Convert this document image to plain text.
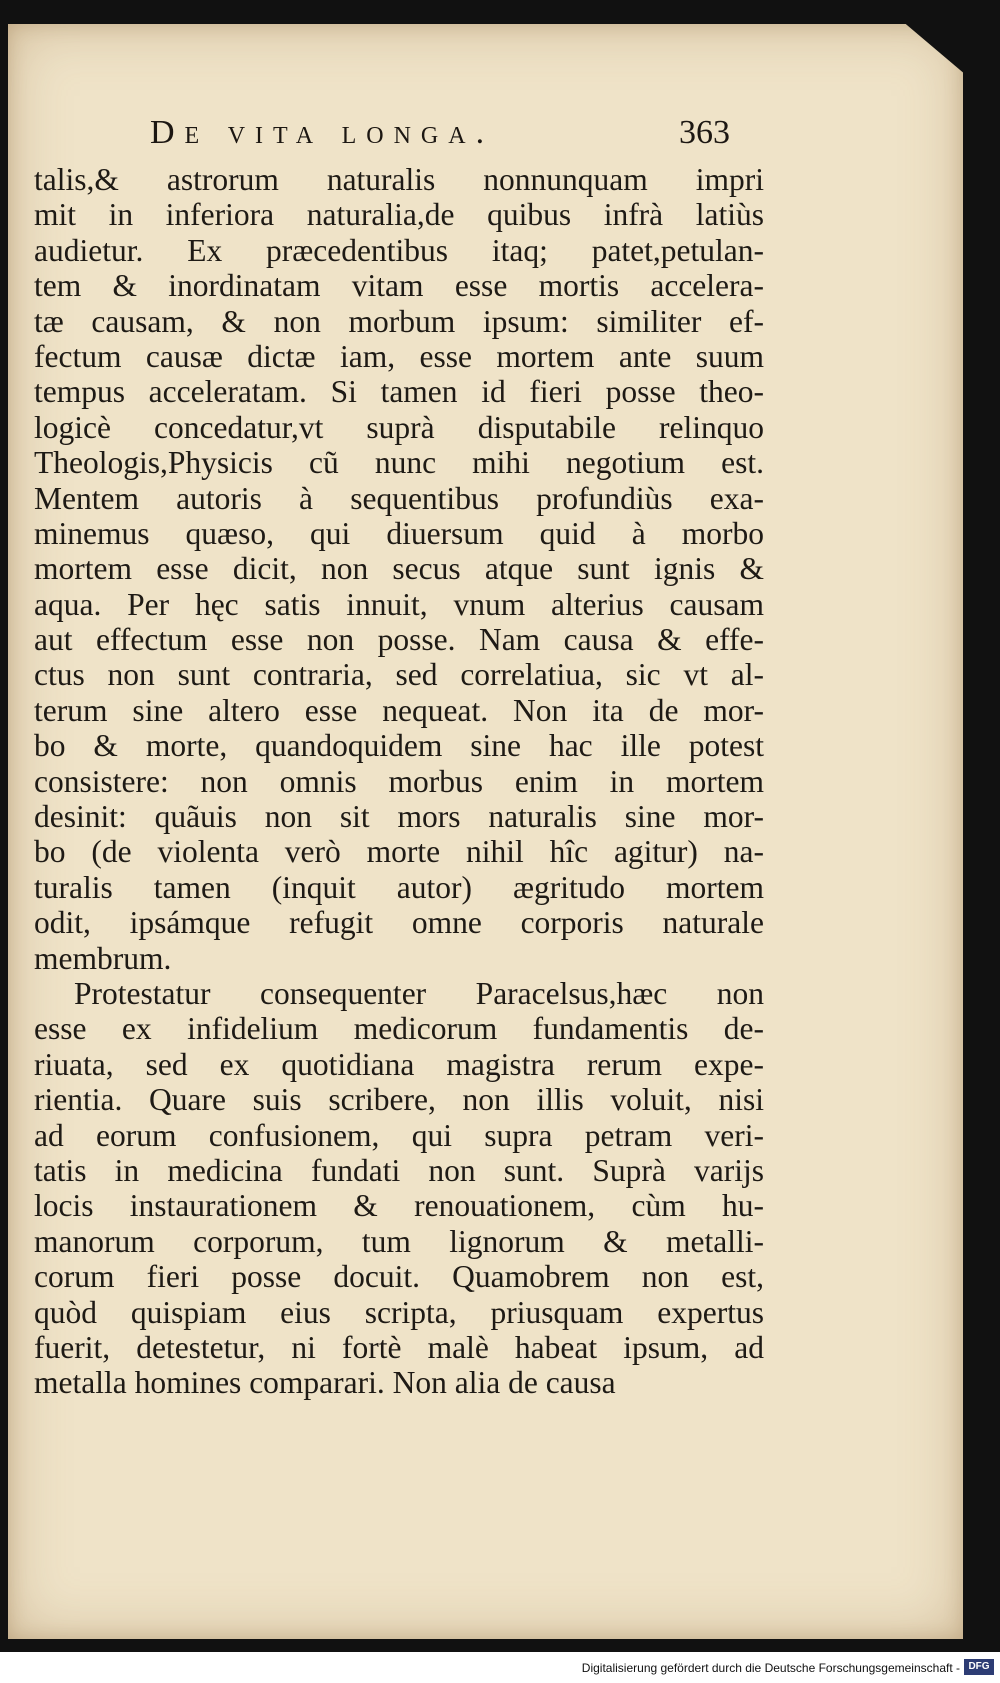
De vita longa.	363
talis,& astrorum naturalis nonnunquam impri
mit in inferiora naturalia,de quibus infrà latiùs
audietur. Ex præcedentibus itaq; patet,petulan-
tem & inordinatam vitam esse mortis accelera-
tæ causam, & non morbum ipsum: similiter ef-
fectum causæ dictæ iam, esse mortem ante suum
tempus acceleratam. Si tamen id fieri posse theo-
logicè concedatur,vt suprà disputabile relinquo
Theologis,Physicis cũ nunc mihi negotium est.
Mentem autoris à sequentibus profundiùs exa-
minemus quæso, qui diuersum quid à morbo
mortem esse dicit, non secus atque sunt ignis &
aqua. Per hęc satis innuit, vnum alterius causam
aut effectum esse non posse. Nam causa & effe-
ctus non sunt contraria, sed correlatiua, sic vt al-
terum sine altero esse nequeat. Non ita de mor-
bo & morte, quandoquidem sine hac ille potest
consistere: non omnis morbus enim in mortem
desinit: quãuis non sit mors naturalis sine mor-
bo (de violenta verò morte nihil hîc agitur) na-
turalis tamen (inquit autor) ægritudo mortem
odit, ipsámque refugit omne corporis naturale
membrum.
Protestatur consequenter Paracelsus,hæc non
esse ex infidelium medicorum fundamentis de-
riuata, sed ex quotidiana magistra rerum expe-
rientia. Quare suis scribere, non illis voluit, nisi
ad eorum confusionem, qui supra petram veri-
tatis in medicina fundati non sunt. Suprà varijs
locis instaurationem & renouationem, cùm hu-
manorum corporum, tum lignorum & metalli-
corum fieri posse docuit. Quamobrem non est,
quòd quispiam eius scripta, priusquam expertus
fuerit, detestetur, ni fortè malè habeat ipsum, ad
metalla homines comparari. Non alia de causa
Digitalisierung gefördert durch die Deutsche Forschungsgemeinschaft - DFG
